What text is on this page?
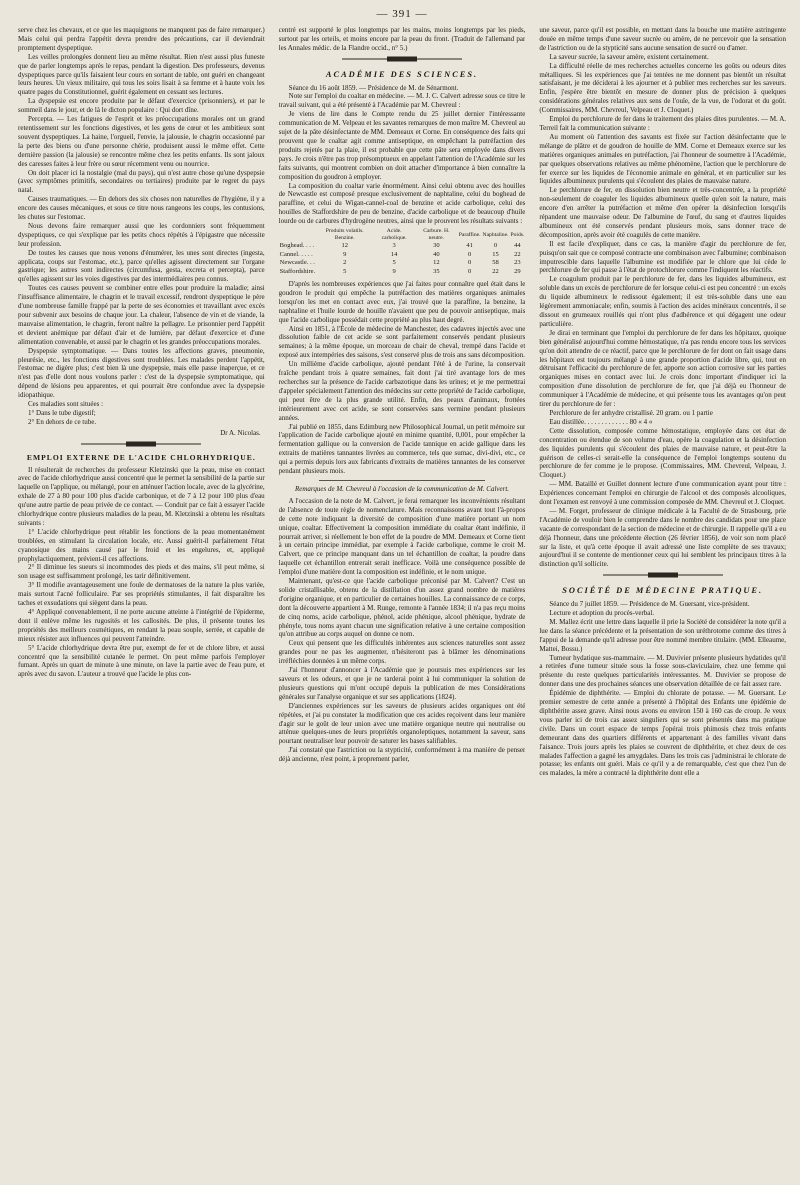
— 391 —

serve chez les chevaux, et ce que les maquignons ne manquent pas de faire remarquer.) Mais celui qui perdra l'appétit devra prendre des précautions, car il deviendrait promptement dyspeptique.

Les veilles prolongées donnent lieu au même résultat. Rien n'est aussi plus funeste que de parler longtemps après le repas, pendant la digestion. Des professeurs, devenus dyspeptiques parce qu'ils faisaient leur cours en sortant de table, ont guéri en changeant leurs heures. Un vieux militaire, qui tous les soirs lisait à sa femme et à haute voix les quatre pages du Constitutionnel, guérit également en cessant ses lectures.

La dyspepsie est encore produite par le défaut d'exercice (prisonniers), et par le sommeil dans le jour, et de là le dicton populaire : Qui dort dîne.

Percepta. — Les fatigues de l'esprit et les préoccupations morales ont un grand retentissement sur les fonctions digestives, et les gens de cœur et les ambitieux sont souvent dyspeptiques. La haine, l'orgueil, l'envie, la jalousie, le chagrin occasionné par la perte des biens ou d'une personne chérie, produisent aussi le même effet. Cette dernière passion (la jalousie) se rencontre même chez les petits enfants. Ils sont jaloux des caresses faites à leur frère ou sœur récemment venu ou nourrice.

On doit placer ici la nostalgie (mal du pays), qui n'est autre chose qu'une dyspepsie (avec symptômes primitifs, secondaires ou tertiaires) produite par le regret du pays natal.

Causes traumatiques. — En dehors des six choses non naturelles de l'hygiène, il y a encore des causes mécaniques, et sous ce titre nous rangeons les coups, les contusions, les chutes sur l'estomac.

Nous devons faire remarquer aussi que les cordonniers sont fréquemment dyspeptiques, ce qui s'explique par les petits chocs répétés à l'épigastre que nécessite leur profession.

De toutes les causes que nous venons d'énumérer, les unes sont directes (ingesta, applicata, coups sur l'estomac, etc.), parce qu'elles agissent directement sur l'organe gastrique; les autres sont indirectes (circumfusa, gesta, excreta et percepta), parce qu'elles agissent sur les voies digestives par des intermédiaires peu connus.

Toutes ces causes peuvent se combiner entre elles pour produire la maladie; ainsi l'insuffisance alimentaire, le chagrin et le travail excessif, rendront dyspeptique le père d'une nombreuse famille frappé par la perte de ses économies et travaillant avec excès pour subvenir aux besoins de chaque jour. La chaleur, l'absence de vin et de viande, la mauvaise alimentation, le chagrin, feront naître la pellagre. Le prisonnier perd l'appétit et devient anémique par défaut d'air et de lumière, par défaut d'exercice et d'une alimentation convenable, et aussi par le chagrin et les grandes préoccupations morales.

Dyspepsie symptomatique. — Dans toutes les affections graves, pneumonie, pleurésie, etc., les fonctions digestives sont troublées. Les malades perdent l'appétit, l'estomac ne digère plus; c'est bien là une dyspepsie, mais elle passe inaperçue, et ce n'est pas d'elle dont nous voulons parler : c'est de la dyspepsie symptomatique, qui dépend de lésions peu apparentes, et qui pourrait être confondue avec la dyspepsie idiopathique.

Ces maladies sont situées :

1° Dans le tube digestif;

2° En dehors de ce tube.

Dr A. Nicolas.
EMPLOI EXTERNE DE L'ACIDE CHLORHYDRIQUE.

Il résulterait de recherches du professeur Kletzinski que la peau, mise en contact avec de l'acide chlorhydrique aussi concentré que le permet la sensibilité de la partie sur laquelle on l'applique, ou mélangé, pour en atténuer l'action locale, avec de la glycérine, exhale de 27 à 80 pour 100 plus d'acide carbonique, et de 7 à 12 pour 100 plus d'eau qu'une autre partie de peau privée de ce contact. — Conduit par ce fait à essayer l'acide chlorhydrique contre plusieurs maladies de la peau, M. Kletzinski a obtenu les résultats suivants :

1° L'acide chlorhydrique peut rétablir les fonctions de la peau momentanément troublées, en stimulant la circulation locale, etc. Aussi guérit-il parfaitement l'état cyanosique des mains causé par le froid et les engelures, et, appliqué prophylactiquement, prévient-il ces affections.

2° Il diminue les sueurs si incommodes des pieds et des mains, s'il peut même, si son usage est suffisamment prolongé, les tarir définitivement.

3° Il modifie avantageusement une foule de dermatoses de la nature la plus variée, mais surtout l'acné folliculaire. Par ses propriétés stimulantes, il fait disparaître les taches et exsudations qui siègent dans la peau.

4° Appliqué convenablement, il ne porte aucune atteinte à l'intégrité de l'épiderme, dont il enlève même les rugosités et les callosités. De plus, il présente toutes les propriétés des meilleurs cosmétiques, en rendant la peau souple, serrée, et capable de mieux résister aux influences qui peuvent l'atteindre.

5° L'acide chlorhydrique devra être pur, exempt de fer et de chlore libre, et aussi concentré que la sensibilité cutanée le permet. On peut même parfois l'employer fumant. Après un quart de minute à une minute, on lave la partie avec de l'eau pure, et après avec du savon. L'auteur a trouvé que l'acide le plus con-

centré est supporté le plus longtemps par les mains, moins longtemps par les pieds, surtout par les orteils, et moins encore par la peau du front. (Traduit de l'allemand par les Annales médic. de la Flandre occid., n° 5.)

ACADÉMIE DES SCIENCES.

Séance du 16 août 1859. — Présidence de M. de Sénarmont.

Note sur l'emploi du coaltar en médecine. — M. J. C. Calvert adresse sous ce titre le travail suivant, qui a été présenté à l'Académie par M. Chevreul :

Je viens de lire dans le Compte rendu du 25 juillet dernier l'intéressante communication de M. Velpeau et les savantes remarques de mon maître M. Chevreul au sujet de la pâte désinfectante de MM. Demeaux et Corne. En conséquence des faits qui prouvent que le coaltar agit comme antiseptique, en empêchant la putréfaction des produits rejetés par la plaie, il est probable que cette pâte sera employée dans divers pays. Je crois n'être pas trop présomptueux en appelant l'attention de l'Académie sur les faits suivants, qui montrent combien on doit attacher d'importance à bien connaître la composition du goudron à employer.

La composition du coaltar varie énormément. Ainsi celui obtenu avec des houilles de Newcastle est composé presque exclusivement de naphtaline, celui du boghead de paraffine, et celui du Wigan-cannel-coal de benzine et acide carbolique, celui des houilles de Staffordshire de peu de benzine, d'acide carbolique et de beaucoup d'huile lourde ou de carbures d'hydrogène neutres, ainsi que le prouvent les résultats suivants :

	Produits volatils. Benzine.	Acide. carbolique.	Carbure. H. neutre.	Paraffine.	Naphtaline.	Poids.
Boghead. . . .	12	3	30	41	0	44
Cannel. . . . .	9	14	40	0	15	22
Newcastle. . .	2	5	12	0	58	23
Staffordshire.	5	9	35	0	22	29

D'après les nombreuses expériences que j'ai faites pour connaître quel était dans le goudron le produit qui empêche la putréfaction des matières organiques animales lorsqu'on les met en contact avec eux, j'ai trouvé que la paraffine, la benzine, la naphtaline et l'huile lourde de houille n'avaient que peu de pouvoir antiseptique, mais que l'acide carbolique possédait cette propriété au plus haut degré.

Ainsi en 1851, à l'École de médecine de Manchester, des cadavres injectés avec une dissolution faible de cet acide se sont parfaitement conservés pendant plusieurs semaines; à la même époque, un morceau de chair de cheval, trempé dans l'acide et exposé aux intempéries des saisons, s'est conservé plus de trois ans sans décomposition.

Un millième d'acide carbolique, ajouté pendant l'été à de l'urine, la conservait fraîche pendant trois à quatre semaines, fait dont j'ai tiré avantage lors de mes recherches sur la présence de l'acide carbazotique dans les urines; et je me permettrai d'appeler spécialement l'attention des médecins sur cette propriété de l'acide carbolique, qui peut être de la plus grande utilité. Enfin, des peaux d'animaux, frottées intérieurement avec cet acide, se sont conservées sans vermine pendant plusieurs années.

J'ai publié en 1855, dans Edimburg new Philosophical Journal, un petit mémoire sur l'application de l'acide carbolique ajouté en minime quantité, 0,001, pour empêcher la fermentation gallique ou la conversion de l'acide tannique en acide gallique dans les extraits de matières tannantes livrées au commerce, tels que sumac, divi-divi, etc., ce qui a permis depuis lors aux fabricants d'extraits de matières tannantes de les conserver pendant plusieurs mois.

Remarques de M. Chevreul à l'occasion de la communication de M. Calvert.

A l'occasion de la note de M. Calvert, je ferai remarquer les inconvénients résultant de l'absence de toute règle de nomenclature. Mais reconnaissons avant tout l'à-propos de cette note indiquant la diversité de composition d'une matière portant un nom unique, coaltar. Effectivement la composition immédiate du coaltar étant indéfinie, il pourrait arriver, si réellement le bon effet de la poudre de MM. Demeaux et Corne tient à un certain principe immédiat, par exemple à l'acide carbolique, comme le croit M. Calvert, que ce principe manquant dans un tel échantillon de coaltar, la poudre dans laquelle cet échantillon entrerait serait inefficace. Voilà une conséquence possible de l'emploi d'une matière dont la composition est indéfinie, et le nom unique.

Maintenant, qu'est-ce que l'acide carbolique préconisé par M. Calvert? C'est un solide cristallisable, obtenu de la distillation d'un assez grand nombre de matières d'origine organique, et en particulier de certaines houilles. La connaissance de ce corps, dont la découverte appartient à M. Runge, remonte à l'année 1834; il n'a pas reçu moins de cinq noms, acide carbolique, phénol, acide phénique, alcool phénique, hydrate de phényle, tous noms ayant chacun une signification relative à une certaine composition qu'on attribue au corps auquel on donne ce nom.

Ceux qui pensent que les difficultés inhérentes aux sciences naturelles sont assez grandes pour ne pas les augmenter, n'hésiteront pas à blâmer les dénominations irréfléchies données à un même corps.

J'ai l'honneur d'annoncer à l'Académie que je poursuis mes expériences sur les saveurs et les odeurs, et que je ne tarderai point à lui communiquer la solution de plusieurs questions qui m'ont occupé depuis la publication de mes Considérations générales sur l'analyse organique et sur ses applications (1824).

D'anciennes expériences sur les saveurs de plusieurs acides organiques ont été répétées, et j'ai pu constater la modification que ces acides reçoivent dans leur manière d'agir sur le goût de leur union avec une matière organique neutre qui neutralise ou atténue quelques-unes de leurs propriétés organoleptiques, notamment la saveur, sans pourtant neutraliser leur pouvoir de saturer les bases salifiables.

J'ai constaté que l'astriction ou la stypticité, conformément à ma manière de penser déjà ancienne, n'est point, à proprement parler,

une saveur, parce qu'il est possible, en mettant dans la bouche une matière astringente douée en même temps d'une saveur sucrée ou amère, de ne percevoir que la sensation de l'astriction ou de la stypticité sans aucune sensation de sucré ou d'amer.

La saveur sucrée, la saveur amère, existent certainement.

La difficulté réelle de mes recherches actuelles concerne les goûts ou odeurs dites métalliques. Si les expériences que j'ai tentées ne me donnent pas bientôt un résultat satisfaisant, je me déciderai à les ajourner et à publier mes recherches sur les saveurs. Enfin, j'espère être bientôt en mesure de donner plus de précision à quelques considérations générales relatives aux sens de l'ouïe, de la vue, de l'odorat et du goût. (Commissaires, MM. Chevreul, Velpeau et J. Cloquet.)

Emploi du perchlorure de fer dans le traitement des plaies dites purulentes. — M. A. Terreil fait la communication suivante :

Au moment où l'attention des savants est fixée sur l'action désinfectante que le mélange de plâtre et de goudron de houille de MM. Corne et Demeaux exerce sur les matières organiques animales en putréfaction, j'ai l'honneur de soumettre à l'Académie, par quelques observations relatives au même phénomène, l'action que le perchlorure de fer exerce sur les liquides de l'économie animale en général, et en particulier sur les liquides albumineux purulents qui s'écoulent des plaies de mauvaise nature.

Le perchlorure de fer, en dissolution bien neutre et très-concentrée, a la propriété non-seulement de coaguler les liquides albumineux quelle qu'en soit la nature, mais encore d'en arrêter la putréfaction et même d'en opérer la désinfection lorsqu'ils répandent une mauvaise odeur. De l'albumine de l'œuf, du sang et d'autres liquides albumineux ont été conservés pendant plusieurs mois, sans donner trace de décomposition, après avoir été coagulés de cette manière.

Il est facile d'expliquer, dans ce cas, la manière d'agir du perchlorure de fer, puisqu'on sait que ce composé contracte une combinaison avec l'albumine; combinaison imputrescible dans laquelle l'albumine est modifiée par le chlore que lui cède le perchlorure de fer qui passe à l'état de protochlorure comme l'indiquent les réactifs.

Le coagulum produit par le perchlorure de fer, dans les liquides albumineux, est soluble dans un excès de perchlorure de fer lorsque celui-ci est peu concentré : un excès du liquide albumineux le redissout également; il est très-soluble dans une eau légèrement ammoniacale; enfin, soumis à l'action des acides minéraux concentrés, il se dissout en grumeaux rouillés qui n'ont plus d'adhérence et qui dégagent une odeur particulière.

Je dirai en terminant que l'emploi du perchlorure de fer dans les hôpitaux, quoique bien généralisé aujourd'hui comme hémostatique, n'a pas rendu encore tous les services qu'on doit attendre de ce réactif, parce que le perchlorure de fer dont on fait usage dans les hôpitaux est toujours mélangé à une grande proportion d'acide libre, qui, tout en détruisant l'efficacité du perchlorure de fer, apporte son action corrosive sur les parties organiques mises en contact avec lui. Je crois donc important d'indiquer ici la composition d'une dissolution de perchlorure de fer, que j'ai déjà eu l'honneur de communiquer à l'Académie de médecine, et qui présente tous les avantages qu'on peut tirer du perchlorure de fer :

Perchlorure de fer anhydre cristallisé. 20 gram. ou 1 partie

Eau distillée. . . . . . . . . . . . . 80 « 4 «

Cette dissolution, composée comme hémostatique, employée dans cet état de concentration ou étendue de son volume d'eau, opère la coagulation et la désinfection des liquides purulents qui s'écoulent des plaies de mauvaise nature, et peut-être la guérison de celles-ci serait-elle la conséquence de l'emploi longtemps soutenu du perchlorure de fer comme je le propose. (Commissaires, MM. Chevreul, Velpeau, J. Cloquet.)

— MM. Bataillé et Guillet donnent lecture d'une communication ayant pour titre : Expériences concernant l'emploi en chirurgie de l'alcool et des composés alcooliques, dont l'examen est renvoyé à une commission composée de MM. Chevreul et J. Cloquet.

— M. Forget, professeur de clinique médicale à la Faculté de de Strasbourg, prie l'Académie de vouloir bien le comprendre dans le nombre des candidats pour une place vacante de correspondant de la section de médecine et de chirurgie. Il rappelle qu'il a eu déjà l'honneur, dans une précédente élection (26 février 1856), de voir son nom placé sur la liste, et qu'à cette époque il avait adressé une liste complète de ses travaux; aujourd'hui il se contente de mentionner ceux qui lui semblent les principaux titres à la distinction qu'il sollicite.

SOCIÉTÉ DE MÉDECINE PRATIQUE.

Séance du 7 juillet 1859. — Présidence de M. Guersant, vice-président.

Lecture et adoption du procès-verbal.

M. Mallez écrit une lettre dans laquelle il prie la Société de considérer la note qu'il a lue dans la séance précédente et la présentation de son uréthrotome comme des titres à l'appui de la demande qu'il adresse pour être nommé membre titulaire. (MM. Elleaume, Mattei, Bossu.)

Tumeur hydatique sus-mammaire. — M. Duvivier présente plusieurs hydatides qu'il a retirées d'une tumeur située sous la fosse sous-claviculaire, chez une femme qui présente du reste quelques particularités intéressantes. M. Duvivier se propose de donner dans une des prochaines séances une observation détaillée de ce fait assez rare.

Épidémie de diphthérite. — Emploi du chlorate de potasse. — M. Guersant. Le premier semestre de cette année a présenté à l'hôpital des Enfants une épidémie de diphthérite assez grave. Ainsi nous avons eu environ 150 à 160 cas de croup. Je veux vous parler ici de trois cas assez singuliers qui se sont présentés dans ma pratique civile. Dans un court espace de temps j'opérai trois phimosis chez trois enfants demeurant dans des quartiers différents et appartenant à des familles vivant dans l'aisance. Trois jours après les plaies se couvrent de diphthérite, et chez deux de ces malades l'affection a gagné les amygdales. Dans les trois cas j'administrai le chlorate de potasse; les enfants ont guéri. Mais ce qu'il y a de remarquable, c'est que chez l'un de ces malades, la mère a contracté la diphthérite dont elle a
